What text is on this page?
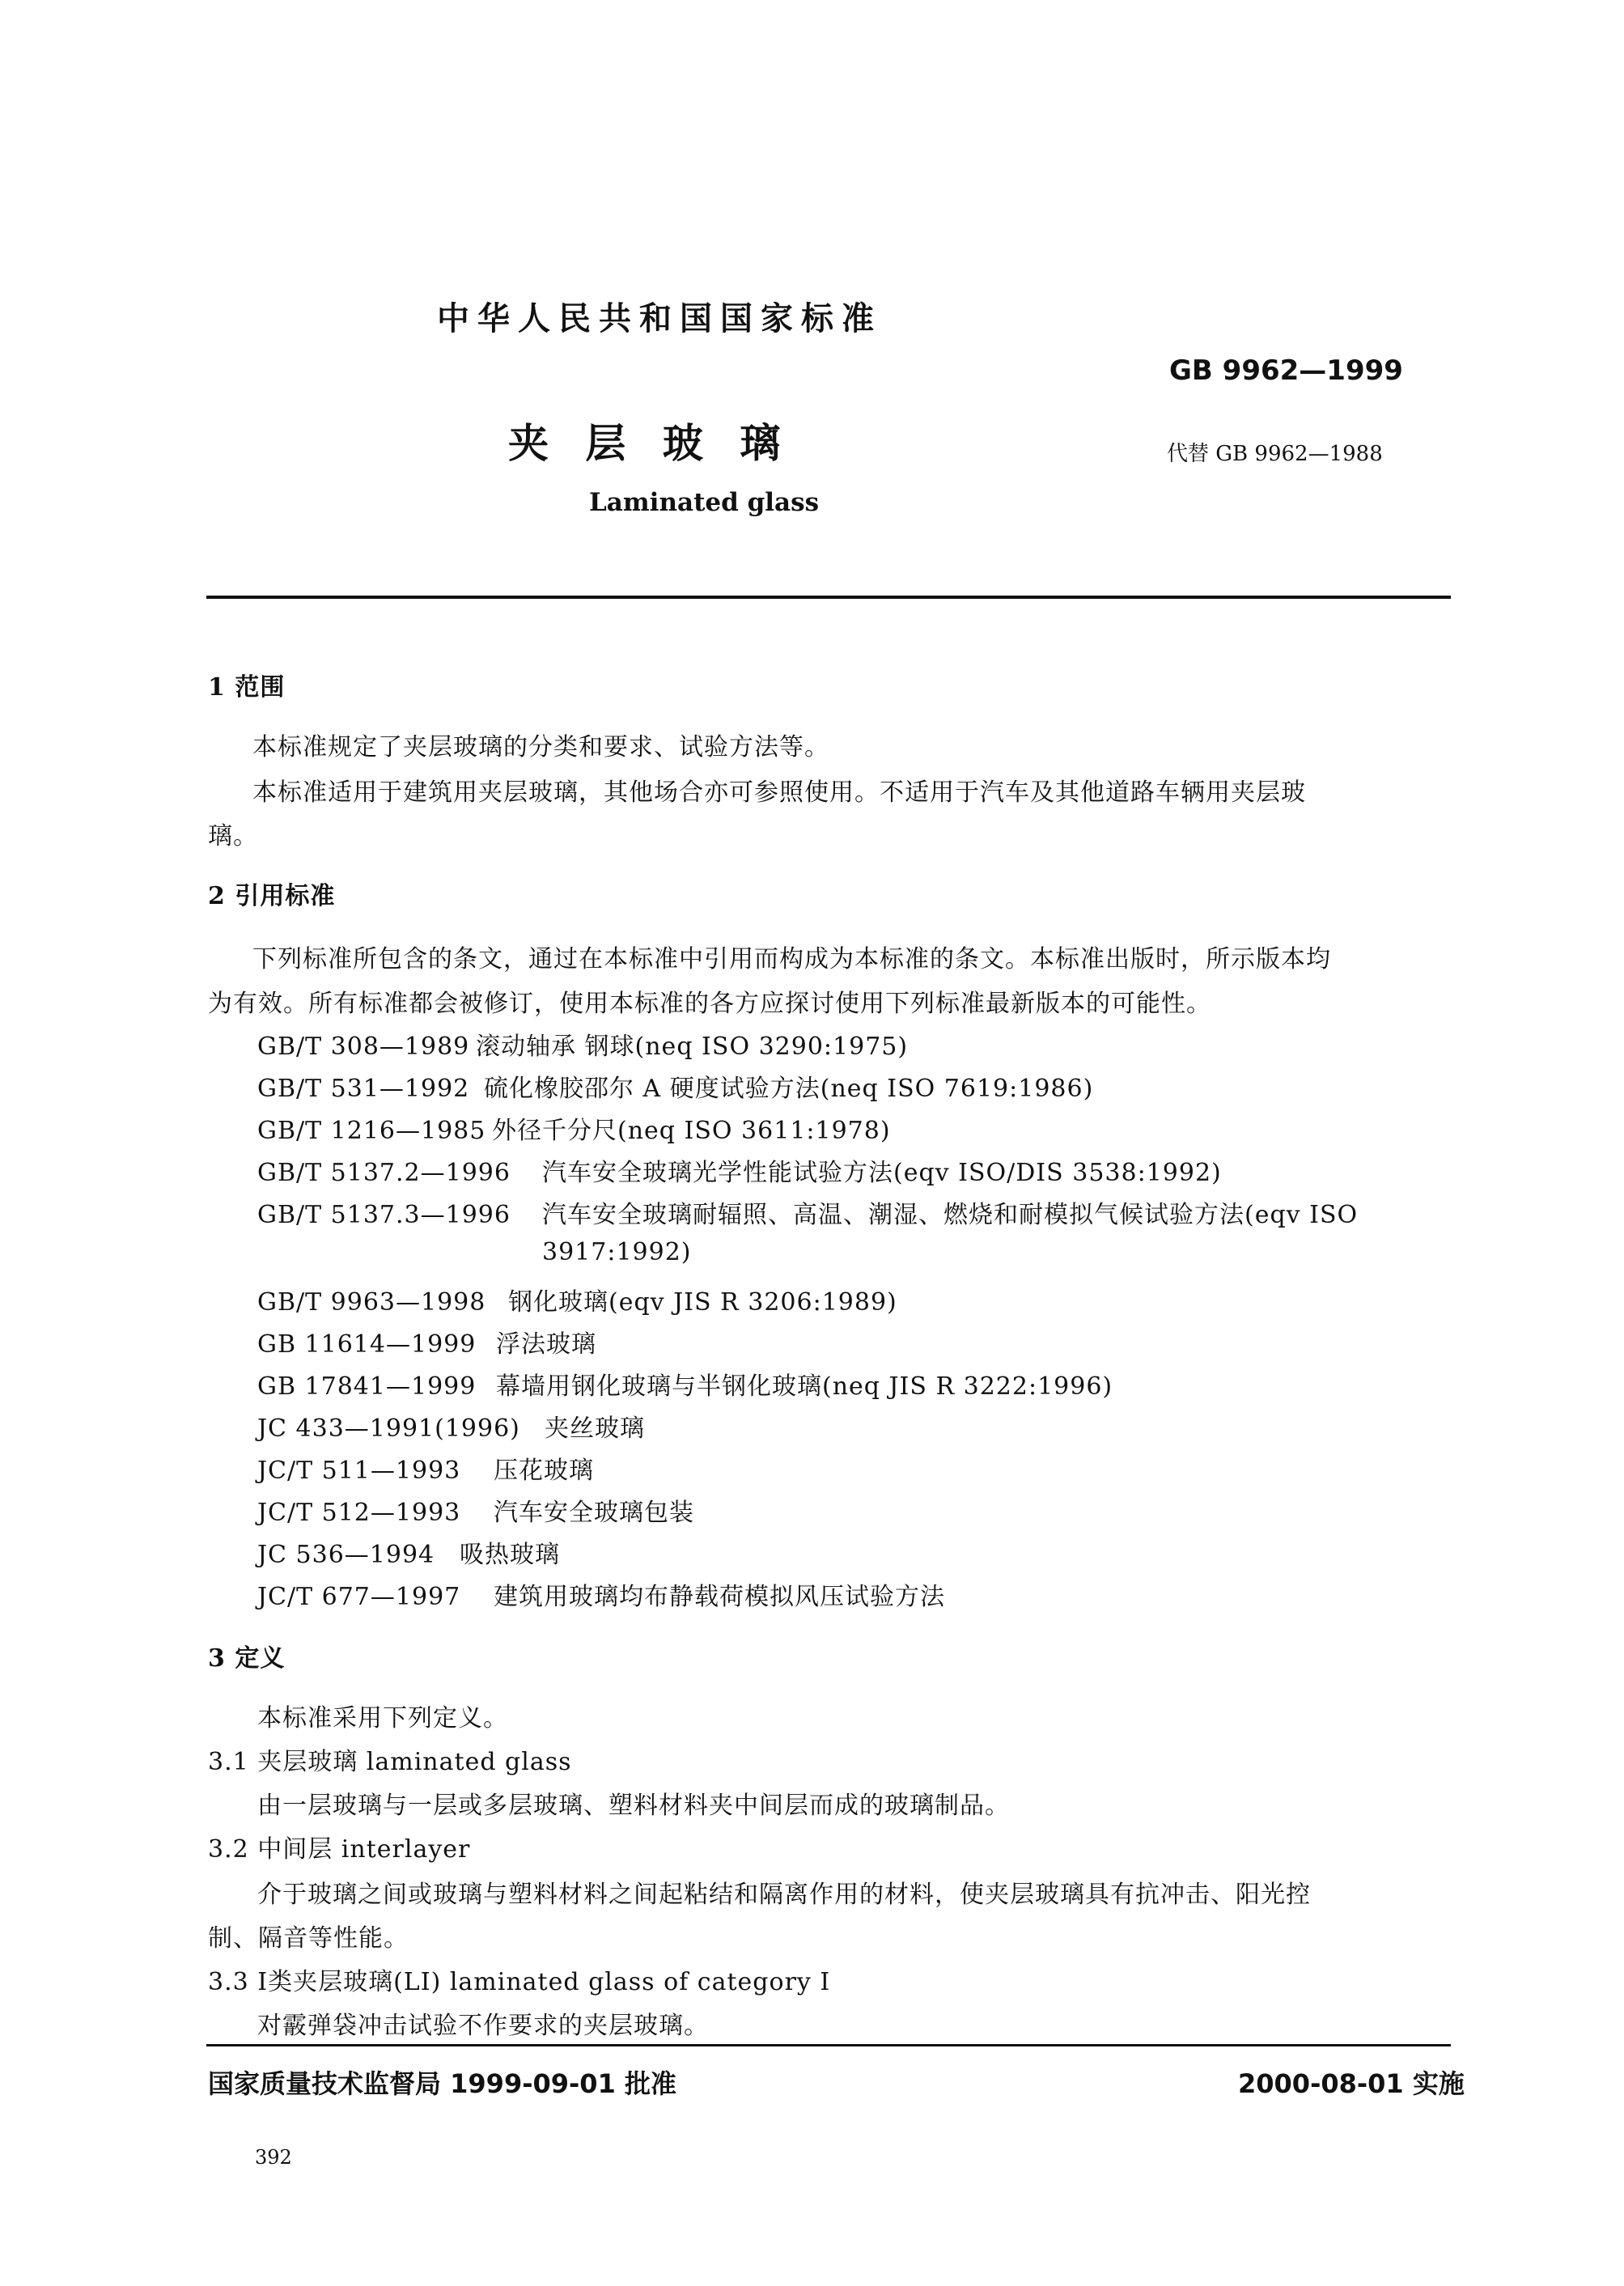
中华人民共和国国家标准
GB 9962—1999
夹 层 玻 璃	代替 GB 9962—1988
Laminated glass
1 范围
本标准规定了夹层玻璃的分类和要求、试验方法等。
本标准适用于建筑用夹层玻璃，其他场合亦可参照使用。不适用于汽车及其他道路车辆用夹层玻
璃。
2 引用标准
下列标准所包含的条文，通过在本标准中引用而构成为本标准的条文。本标准出版时，所示版本均
为有效。所有标准都会被修订，使用本标准的各方应探讨使用下列标准最新版本的可能性。
GB/T 308—1989 滚动轴承 钢球(neq ISO 3290:1975)
GB/T 531—1992 硫化橡胶邵尔 A 硬度试验方法(neq ISO 7619:1986)
GB/T 1216—1985 外径千分尺(neq ISO 3611:1978)
GB/T 5137.2—1996 汽车安全玻璃光学性能试验方法(eqv ISO/DIS 3538:1992)
GB/T 5137.3—1996 汽车安全玻璃耐辐照、高温、潮湿、燃烧和耐模拟气候试验方法(eqv ISO
3917:1992)
GB/T 9963—1998 钢化玻璃(eqv JIS R 3206:1989)
GB 11614—1999 浮法玻璃
GB 17841—1999 幕墙用钢化玻璃与半钢化玻璃(neq JIS R 3222:1996)
JC 433—1991(1996) 夹丝玻璃
JC/T 511—1993 压花玻璃
JC/T 512—1993 汽车安全玻璃包装
JC 536—1994 吸热玻璃
JC/T 677—1997 建筑用玻璃均布静载荷模拟风压试验方法
3 定义
本标准采用下列定义。
3.1 夹层玻璃 laminated glass
由一层玻璃与一层或多层玻璃、塑料材料夹中间层而成的玻璃制品。
3.2 中间层 interlayer
介于玻璃之间或玻璃与塑料材料之间起粘结和隔离作用的材料，使夹层玻璃具有抗冲击、阳光控
制、隔音等性能。
3.3 Ⅰ类夹层玻璃(LⅠ) laminated glass of category Ⅰ
对霰弹袋冲击试验不作要求的夹层玻璃。
国家质量技术监督局 1999-09-01 批准	2000-08-01 实施
392
